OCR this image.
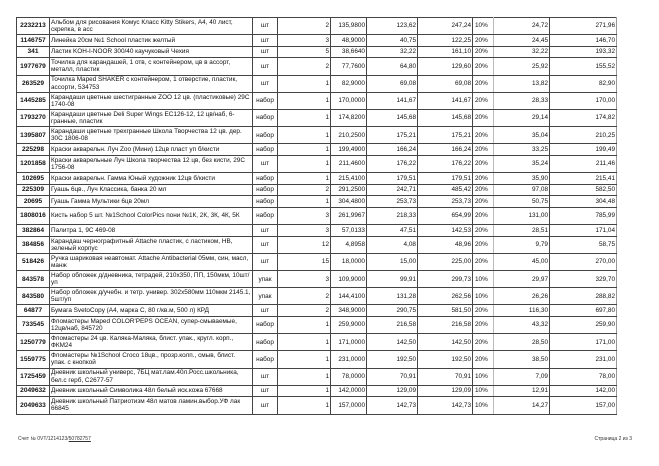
2232213	Альбом для рисования Комус Класс Kitty Stikers, А4, 40 лист, скрепка, в асс	шт	2	135,9800	123,62	247,24	10%	24,72	271,96
1146757	Линейка 20см №1 School пластик желтый	шт	3	48,9000	40,75	122,25	20%	24,45	146,70
341	Ластик KOH-I-NOOR 300/40 каучуковый Чехия	шт	5	38,6640	32,22	161,10	20%	32,22	193,32
1977679	Точилка для карандашей, 1 отв, с контейнером, цв в ассорт, металл, пластик	шт	2	77,7600	64,80	129,60	20%	25,92	155,52
263529	Точилка Maped SHAKER с контейнером, 1 отверстие, пластик, ассорти, 534753	шт	1	82,9000	69,08	69,08	20%	13,82	82,90
1445285	Карандаши цветные шестигранные ZOO 12 цв. (пластиковые) 29С 1740-08	набор	1	170,0000	141,67	141,67	20%	28,33	170,00
1793270	Карандаши цветные Deli Super Wings EC126-12, 12 цв/наб, 6-гранные, пластик	набор	1	174,8200	145,68	145,68	20%	29,14	174,82
1395807	Карандаши цветные трехгранные Школа Творчества 12 цв. дер. 30С 1806-08	набор	1	210,2500	175,21	175,21	20%	35,04	210,25
225298	Краски акварельн. Луч Zoo (Мини) 12цв пласт уп б/кисти	набор	1	199,4900	166,24	166,24	20%	33,25	199,49
1201858	Краски акварельные Луч Школа творчества 12 цв, без кисти, 29С 1756-08	шт	1	211,4600	176,22	176,22	20%	35,24	211,46
102695	Краски акварельн. Гамма Юный художник 12цв б/кисти	набор	1	215,4100	179,51	179,51	20%	35,90	215,41
225309	Гуашь 6цв., Луч Классика, банка 20 мл	набор	2	291,2500	242,71	485,42	20%	97,08	582,50
20695	Гуашь Гамма Мультики 6цв 20мл	набор	1	304,4800	253,73	253,73	20%	50,75	304,48
1808016	Кисть набор 5 шт. №1School ColorPics пони №1К, 2К, 3К, 4К, 5К	набор	3	261,9967	218,33	654,99	20%	131,00	785,99
382864	Палитра 1, 9С 469-08	шт	3	57,0133	47,51	142,53	20%	28,51	171,04
384856	Карандаш чернографитный Attache пластик, с ластиком, HB, зеленый корпус	шт	12	4,8958	4,08	48,96	20%	9,79	58,75
518426	Ручка шариковая неавтомат. Attache Antibacterial 05мм, син, масл, манж	шт	15	18,0000	15,00	225,00	20%	45,00	270,00
843578	Набор обложек д/дневника, тетрадей, 210х350, ПП, 150мкм, 10шт/уп	упак	3	109,9000	99,91	299,73	10%	29,97	329,70
843580	Набор обложек д/учебн. и тетр. универ. 302х580мм 110мкм 2145.1, 5шт/уп	упак	2	144,4100	131,28	262,56	10%	26,26	288,82
64877	Бумага SvetoCopy (А4, марка С, 80 г/кв.м, 500 л) КРД	шт	2	348,9000	290,75	581,50	20%	116,30	697,80
733545	Фломастеры Maped COLOR'PEPS OCEAN, супер-смываемые, 12цв/наб, 845720	набор	1	259,9000	216,58	216,58	20%	43,32	259,90
1250779	Фломастеры 24 цв. Каляка-Маляка, блист. упак., кругл. корп., ФКМ24	набор	1	171,0000	142,50	142,50	20%	28,50	171,00
1559775	Фломастеры №1School Croco 18цв., прозр.колп., смыв, блист. упак. с кнопкой	набор	1	231,0000	192,50	192,50	20%	38,50	231,00
1725459	Дневник школьный универс, 7БЦ мат.лам.40л.Росс.школьника, бел.с герб, С2677-57	шт	1	78,0000	70,91	70,91	10%	7,09	78,00
2049632	Дневник школьный Символика 48л белый иск.кожа 67668	шт	1	142,0000	129,09	129,09	10%	12,91	142,00
2049633	Дневник школьный Патриотизм 48л матов ламин.выбор.УФ лак 66845	шт	1	157,0000	142,73	142,73	10%	14,27	157,00
Счет № 0VT/1214123/50782757	Страница 2 из 3
